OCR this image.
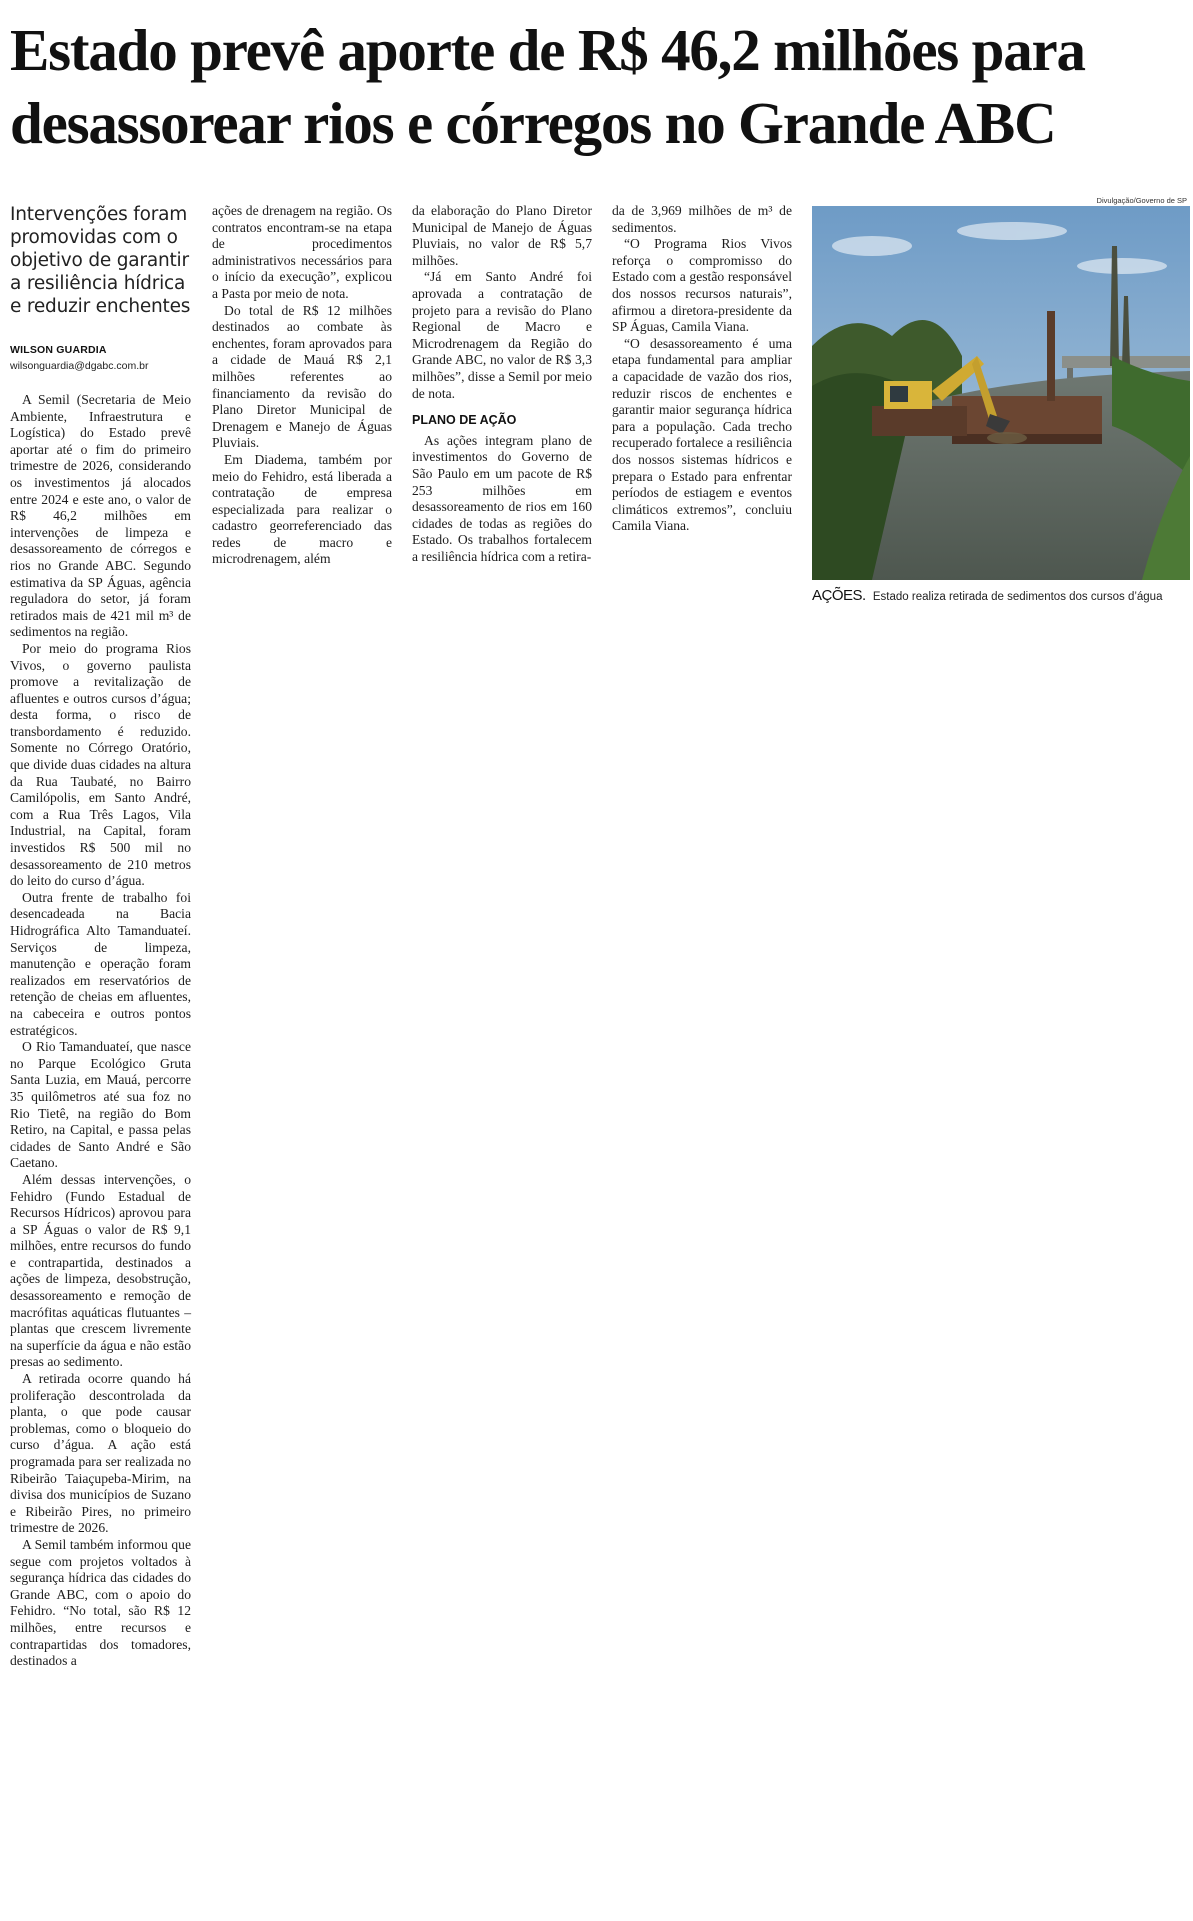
Estado prevê aporte de R$ 46,2 milhões para
desassorear rios e córregos no Grande ABC
Intervenções foram
promovidas com o
objetivo de garantir
a resiliência hídrica
e reduzir enchentes
WILSON GUARDIA
wilsonguardia@dgabc.com.br

A Semil (Secretaria de Meio Ambiente, Infraestrutura e Logística) do Estado prevê aportar até o fim do primeiro trimestre de 2026, considerando os investimentos já alocados entre 2024 e este ano, o valor de R$ 46,2 milhões em intervenções de limpeza e desassoreamento de córregos e rios no Grande ABC. Segundo estimativa da SP Águas, agência reguladora do setor, já foram retirados mais de 421 mil m³ de sedimentos na região.

Por meio do programa Rios Vivos, o governo paulista promove a revitalização de afluentes e outros cursos d’água; desta forma, o risco de transbordamento é reduzido. Somente no Córrego Oratório, que divide duas cidades na altura da Rua Taubaté, no Bairro Camilópolis, em Santo André, com a Rua Três Lagos, Vila Industrial, na Capital, foram investidos R$ 500 mil no desassoreamento de 210 metros do leito do curso d’água.

Outra frente de trabalho foi desencadeada na Bacia Hidrográfica Alto Tamanduateí. Serviços de limpeza, manutenção e operação foram realizados em reservatórios de retenção de cheias em afluentes, na cabeceira e outros pontos estratégicos.

O Rio Tamanduateí, que nasce no Parque Ecológico Gruta Santa Luzia, em Mauá, percorre 35 quilômetros até sua foz no Rio Tietê, na região do Bom Retiro, na Capital, e passa pelas cidades de Santo André e São Caetano.

Além dessas intervenções, o Fehidro (Fundo Estadual de Recursos Hídricos) aprovou para a SP Águas o valor de R$ 9,1 milhões, entre recursos do fundo e contrapartida, destinados a ações de limpeza, desobstrução, desassoreamento e remoção de macrófitas aquáticas flutuantes – plantas que crescem livremente na superfície da água e não estão presas ao sedimento.

A retirada ocorre quando há proliferação descontrolada da planta, o que pode causar problemas, como o bloqueio do curso d’água. A ação está programada para ser realizada no Ribeirão Taiaçupeba-Mirim, na divisa dos municípios de Suzano e Ribeirão Pires, no primeiro trimestre de 2026.

A Semil também informou que segue com projetos voltados à segurança hídrica das cidades do Grande ABC, com o apoio do Fehidro. “No total, são R$ 12 milhões, entre recursos e contrapartidas dos tomadores, destinados a

ações de drenagem na região. Os contratos encontram-se na etapa de procedimentos administrativos necessários para o início da execução”, explicou a Pasta por meio de nota.

Do total de R$ 12 milhões destinados ao combate às enchentes, foram aprovados para a cidade de Mauá R$ 2,1 milhões referentes ao financiamento da revisão do Plano Diretor Municipal de Drenagem e Manejo de Águas Pluviais.

Em Diadema, também por meio do Fehidro, está liberada a contratação de empresa especializada para realizar o cadastro georreferenciado das redes de macro e microdrenagem, além

da elaboração do Plano Diretor Municipal de Manejo de Águas Pluviais, no valor de R$ 5,7 milhões.

“Já em Santo André foi aprovada a contratação de projeto para a revisão do Plano Regional de Macro e Microdrenagem da Região do Grande ABC, no valor de R$ 3,3 milhões”, disse a Semil por meio de nota.

PLANO DE AÇÃO

As ações integram plano de investimentos do Governo de São Paulo em um pacote de R$ 253 milhões em desassoreamento de rios em 160 cidades de todas as regiões do Estado. Os trabalhos fortalecem a resiliência hídrica com a retira-

da de 3,969 milhões de m³ de sedimentos.

“O Programa Rios Vivos reforça o compromisso do Estado com a gestão responsável dos nossos recursos naturais”, afirmou a diretora-presidente da SP Águas, Camila Viana.

“O desassoreamento é uma etapa fundamental para ampliar a capacidade de vazão dos rios, reduzir riscos de enchentes e garantir maior segurança hídrica para a população. Cada trecho recuperado fortalece a resiliência dos nossos sistemas hídricos e prepara o Estado para enfrentar períodos de estiagem e eventos climáticos extremos”, concluiu Camila Viana.

Divulgação/Governo de SP
AÇÕES. Estado realiza retirada de sedimentos dos cursos d’água
